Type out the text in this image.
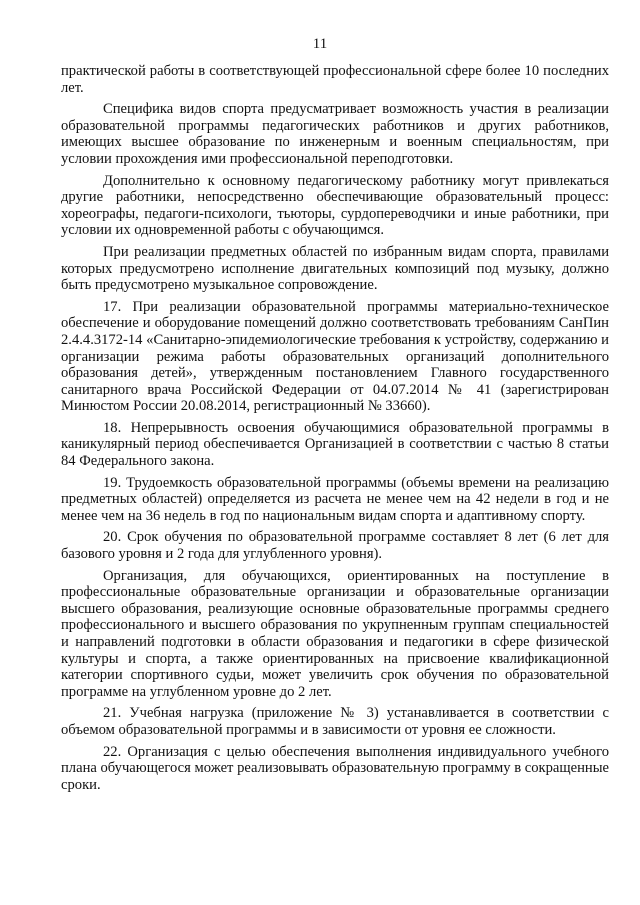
11

практической работы в соответствующей профессиональной сфере более 10 последних лет.

Специфика видов спорта предусматривает возможность участия в реализации образовательной программы педагогических работников и других работников, имеющих высшее образование по инженерным и военным специальностям, при условии прохождения ими профессиональной переподготовки.

Дополнительно к основному педагогическому работнику могут привлекаться другие работники, непосредственно обеспечивающие образовательный процесс: хореографы, педагоги-психологи, тьюторы, сурдопереводчики и иные работники, при условии их одновременной работы с обучающимся.

При реализации предметных областей по избранным видам спорта, правилами которых предусмотрено исполнение двигательных композиций под музыку, должно быть предусмотрено музыкальное сопровождение.

17. При реализации образовательной программы материально-техническое обеспечение и оборудование помещений должно соответствовать требованиям СанПин 2.4.4.3172-14 «Санитарно-эпидемиологические требования к устройству, содержанию и организации режима работы образовательных организаций дополнительного образования детей», утвержденным постановлением Главного государственного санитарного врача Российской Федерации от 04.07.2014 № 41 (зарегистрирован Минюстом России 20.08.2014, регистрационный № 33660).

18. Непрерывность освоения обучающимися образовательной программы в каникулярный период обеспечивается Организацией в соответствии с частью 8 статьи 84 Федерального закона.

19. Трудоемкость образовательной программы (объемы времени на реализацию предметных областей) определяется из расчета не менее чем на 42 недели в год и не менее чем на 36 недель в год по национальным видам спорта и адаптивному спорту.

20. Срок обучения по образовательной программе составляет 8 лет (6 лет для базового уровня и 2 года для углубленного уровня).

Организация, для обучающихся, ориентированных на поступление в профессиональные образовательные организации и образовательные организации высшего образования, реализующие основные образовательные программы среднего профессионального и высшего образования по укрупненным группам специальностей и направлений подготовки в области образования и педагогики в сфере физической культуры и спорта, а также ориентированных на присвоение квалификационной категории спортивного судьи, может увеличить срок обучения по образовательной программе на углубленном уровне до 2 лет.

21. Учебная нагрузка (приложение № 3) устанавливается в соответствии с объемом образовательной программы и в зависимости от уровня ее сложности.

22. Организация с целью обеспечения выполнения индивидуального учебного плана обучающегося может реализовывать образовательную программу в сокращенные сроки.
